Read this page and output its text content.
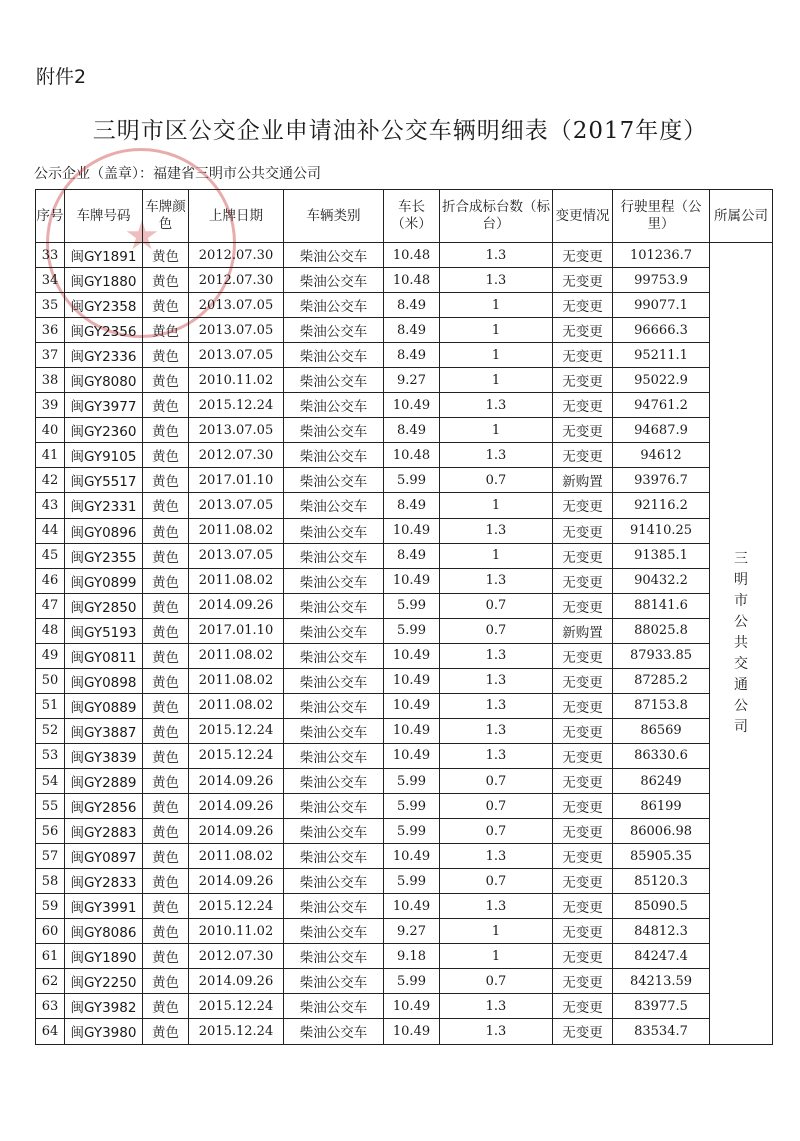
附件2
三明市区公交企业申请油补公交车辆明细表（2017年度）
公示企业（盖章）：福建省三明市公共交通公司
★
序号	车牌号码	车牌颜色	上牌日期	车辆类别	车长（米）	折合成标台数（标台）	变更情况	行驶里程（公里）	所属公司
33	闽GY1891	黄色	2012.07.30	柴油公交车	10.48	1.3	无变更	101236.7	三明市公共交通公司
34	闽GY1880	黄色	2012.07.30	柴油公交车	10.48	1.3	无变更	99753.9	
35	闽GY2358	黄色	2013.07.05	柴油公交车	8.49	1	无变更	99077.1	
36	闽GY2356	黄色	2013.07.05	柴油公交车	8.49	1	无变更	96666.3	
37	闽GY2336	黄色	2013.07.05	柴油公交车	8.49	1	无变更	95211.1	
38	闽GY8080	黄色	2010.11.02	柴油公交车	9.27	1	无变更	95022.9	
39	闽GY3977	黄色	2015.12.24	柴油公交车	10.49	1.3	无变更	94761.2	
40	闽GY2360	黄色	2013.07.05	柴油公交车	8.49	1	无变更	94687.9	
41	闽GY9105	黄色	2012.07.30	柴油公交车	10.48	1.3	无变更	94612	
42	闽GY5517	黄色	2017.01.10	柴油公交车	5.99	0.7	新购置	93976.7	
43	闽GY2331	黄色	2013.07.05	柴油公交车	8.49	1	无变更	92116.2	
44	闽GY0896	黄色	2011.08.02	柴油公交车	10.49	1.3	无变更	91410.25	
45	闽GY2355	黄色	2013.07.05	柴油公交车	8.49	1	无变更	91385.1	
46	闽GY0899	黄色	2011.08.02	柴油公交车	10.49	1.3	无变更	90432.2	
47	闽GY2850	黄色	2014.09.26	柴油公交车	5.99	0.7	无变更	88141.6	
48	闽GY5193	黄色	2017.01.10	柴油公交车	5.99	0.7	新购置	88025.8	
49	闽GY0811	黄色	2011.08.02	柴油公交车	10.49	1.3	无变更	87933.85	
50	闽GY0898	黄色	2011.08.02	柴油公交车	10.49	1.3	无变更	87285.2	
51	闽GY0889	黄色	2011.08.02	柴油公交车	10.49	1.3	无变更	87153.8	
52	闽GY3887	黄色	2015.12.24	柴油公交车	10.49	1.3	无变更	86569	
53	闽GY3839	黄色	2015.12.24	柴油公交车	10.49	1.3	无变更	86330.6	
54	闽GY2889	黄色	2014.09.26	柴油公交车	5.99	0.7	无变更	86249	
55	闽GY2856	黄色	2014.09.26	柴油公交车	5.99	0.7	无变更	86199	
56	闽GY2883	黄色	2014.09.26	柴油公交车	5.99	0.7	无变更	86006.98	
57	闽GY0897	黄色	2011.08.02	柴油公交车	10.49	1.3	无变更	85905.35	
58	闽GY2833	黄色	2014.09.26	柴油公交车	5.99	0.7	无变更	85120.3	
59	闽GY3991	黄色	2015.12.24	柴油公交车	10.49	1.3	无变更	85090.5	
60	闽GY8086	黄色	2010.11.02	柴油公交车	9.27	1	无变更	84812.3	
61	闽GY1890	黄色	2012.07.30	柴油公交车	9.18	1	无变更	84247.4	
62	闽GY2250	黄色	2014.09.26	柴油公交车	5.99	0.7	无变更	84213.59	
63	闽GY3982	黄色	2015.12.24	柴油公交车	10.49	1.3	无变更	83977.5	
64	闽GY3980	黄色	2015.12.24	柴油公交车	10.49	1.3	无变更	83534.7	
